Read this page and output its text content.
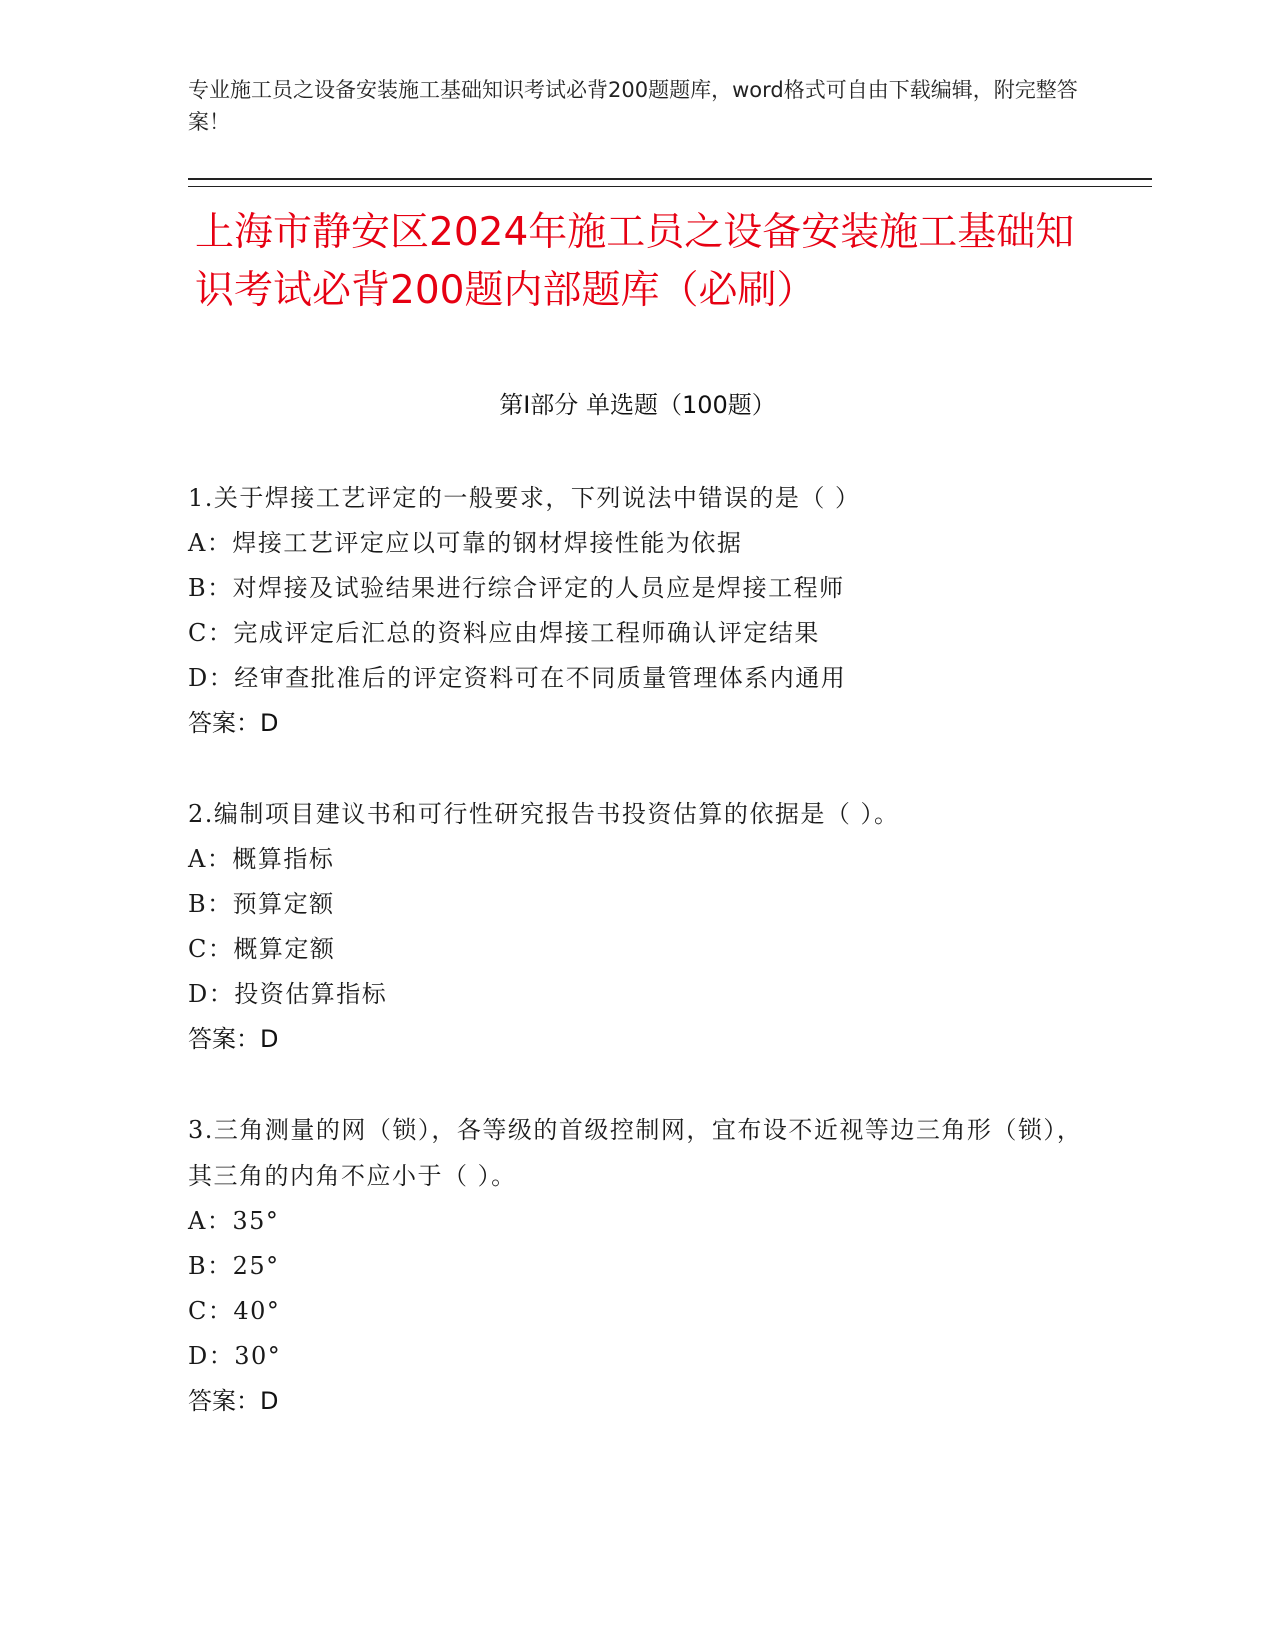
专业施工员之设备安装施工基础知识考试必背200题题库，word格式可自由下载编辑，附完整答案！
上海市静安区2024年施工员之设备安装施工基础知识考试必背200题内部题库（必刷）
第Ⅰ部分 单选题（100题）
1.关于焊接工艺评定的一般要求，下列说法中错误的是（ ）
A：焊接工艺评定应以可靠的钢材焊接性能为依据
B：对焊接及试验结果进行综合评定的人员应是焊接工程师
C：完成评定后汇总的资料应由焊接工程师确认评定结果
D：经审查批准后的评定资料可在不同质量管理体系内通用
答案：D
2.编制项目建议书和可行性研究报告书投资估算的依据是（ ）。
A：概算指标
B：预算定额
C：概算定额
D：投资估算指标
答案：D
3.三角测量的网（锁），各等级的首级控制网，宜布设不近视等边三角形（锁），其三角的内角不应小于（ ）。
A：35°
B：25°
C：40°
D：30°
答案：D
